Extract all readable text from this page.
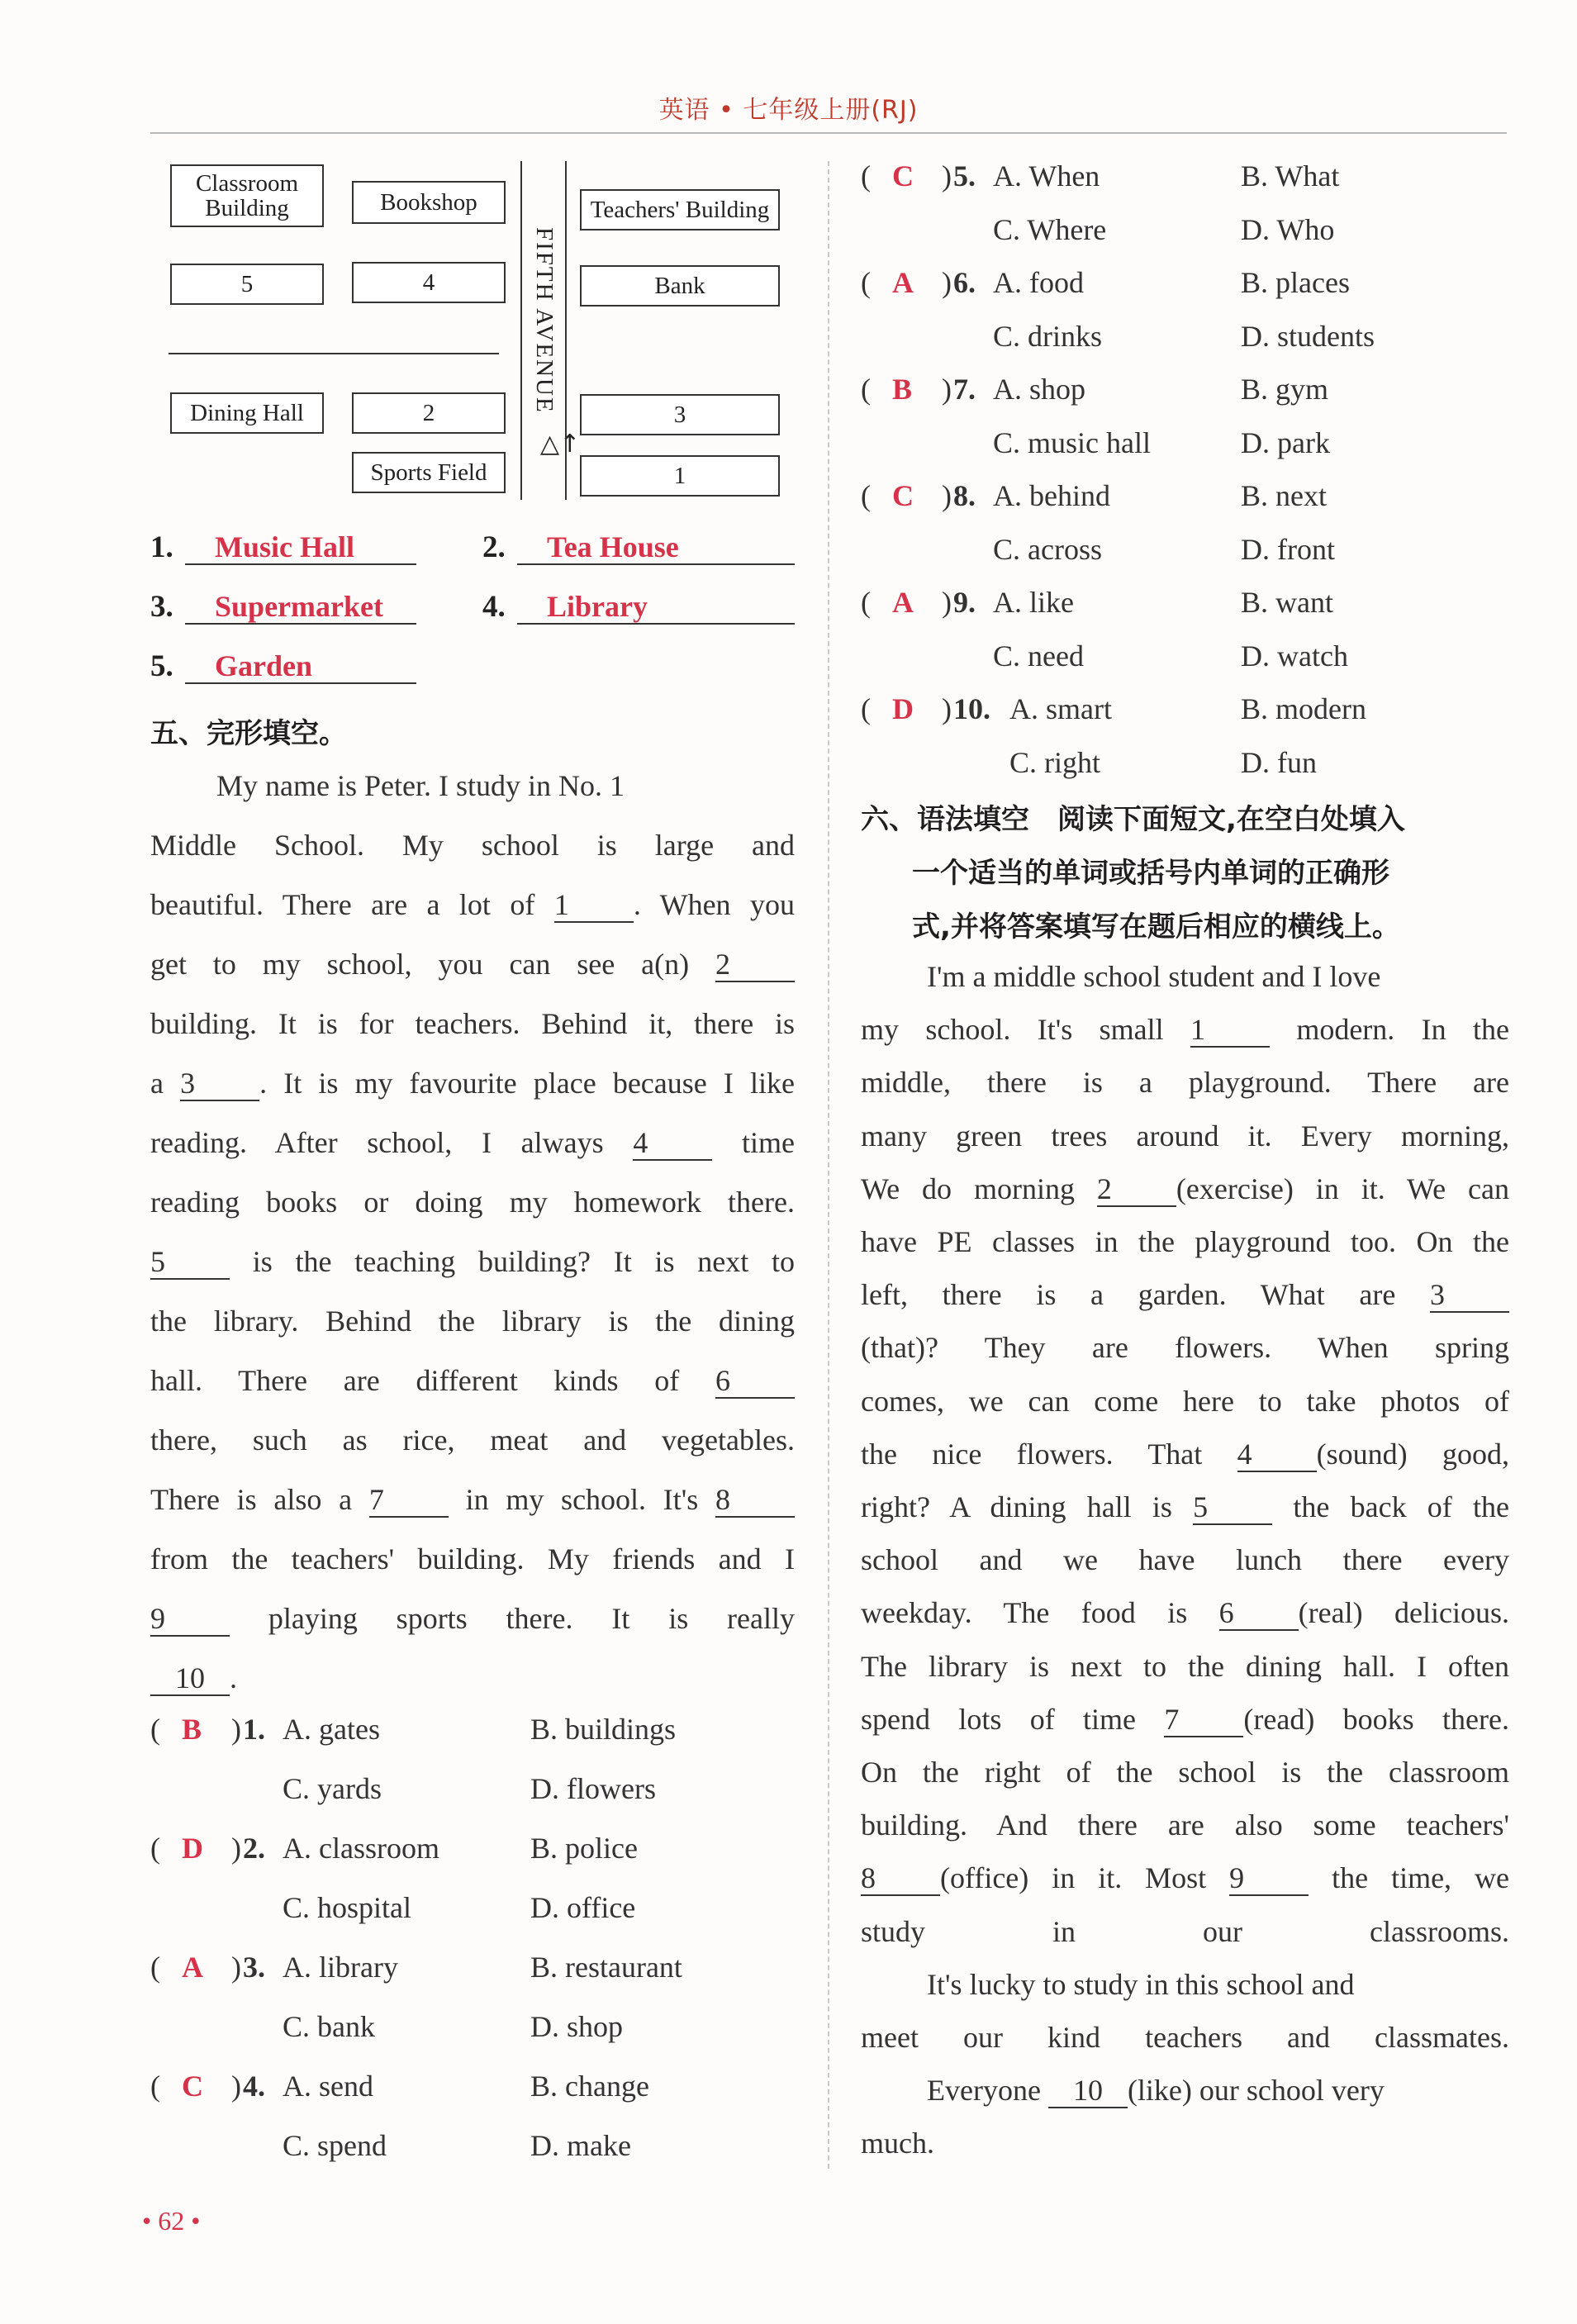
英语 • 七年级上册(RJ)
Classroom Building	Bookshop
5	4
Dining Hall	2
Sports Field
FIFTH AVENUE
△↑
Teachers' Building
Bank
3
1
1. Music Hall	2. Tea House
3. Supermarket	4. Library
5. Garden
五、完形填空。
My name is Peter. I study in No. 1
Middle School. My school is large and
beautiful. There are a lot of 1 . When you
get to my school, you can see a(n) 2
building. It is for teachers. Behind it, there is
a 3 . It is my favourite place because I like
reading. After school, I always 4 time
reading books or doing my homework there.
5 is the teaching building? It is next to
the library. Behind the library is the dining
hall. There are different kinds of 6
there, such as rice, meat and vegetables.
There is also a 7 in my school. It's 8
from the teachers' building. My friends and I
9 playing sports there. It is really
10 .
( B ) 1. A. gates	B. buildings
C. yards	D. flowers
( D ) 2. A. classroom	B. police
C. hospital	D. office
( A ) 3. A. library	B. restaurant
C. bank	D. shop
( C ) 4. A. send	B. change
C. spend	D. make
( C ) 5. A. When	B. What
C. Where	D. Who
( A ) 6. A. food	B. places
C. drinks	D. students
( B ) 7. A. shop	B. gym
C. music hall	D. park
( C ) 8. A. behind	B. next
C. across	D. front
( A ) 9. A. like	B. want
C. need	D. watch
( D ) 10. A. smart	B. modern
C. right	D. fun
六、语法填空　阅读下面短文,在空白处填入
一个适当的单词或括号内单词的正确形
式,并将答案填写在题后相应的横线上。
I'm a middle school student and I love
my school. It's small 1 modern. In the
middle, there is a playground. There are
many green trees around it. Every morning,
We do morning 2 (exercise) in it. We can
have PE classes in the playground too. On the
left, there is a garden. What are 3
(that)? They are flowers. When spring
comes, we can come here to take photos of
the nice flowers. That 4 (sound) good,
right? A dining hall is 5 the back of the
school and we have lunch there every
weekday. The food is 6 (real) delicious.
The library is next to the dining hall. I often
spend lots of time 7 (read) books there.
On the right of the school is the classroom
building. And there are also some teachers'
8 (office) in it. Most 9 the time, we
study in our classrooms.
It's lucky to study in this school and
meet our kind teachers and classmates.
Everyone 10 (like) our school very
much.
• 62 •
